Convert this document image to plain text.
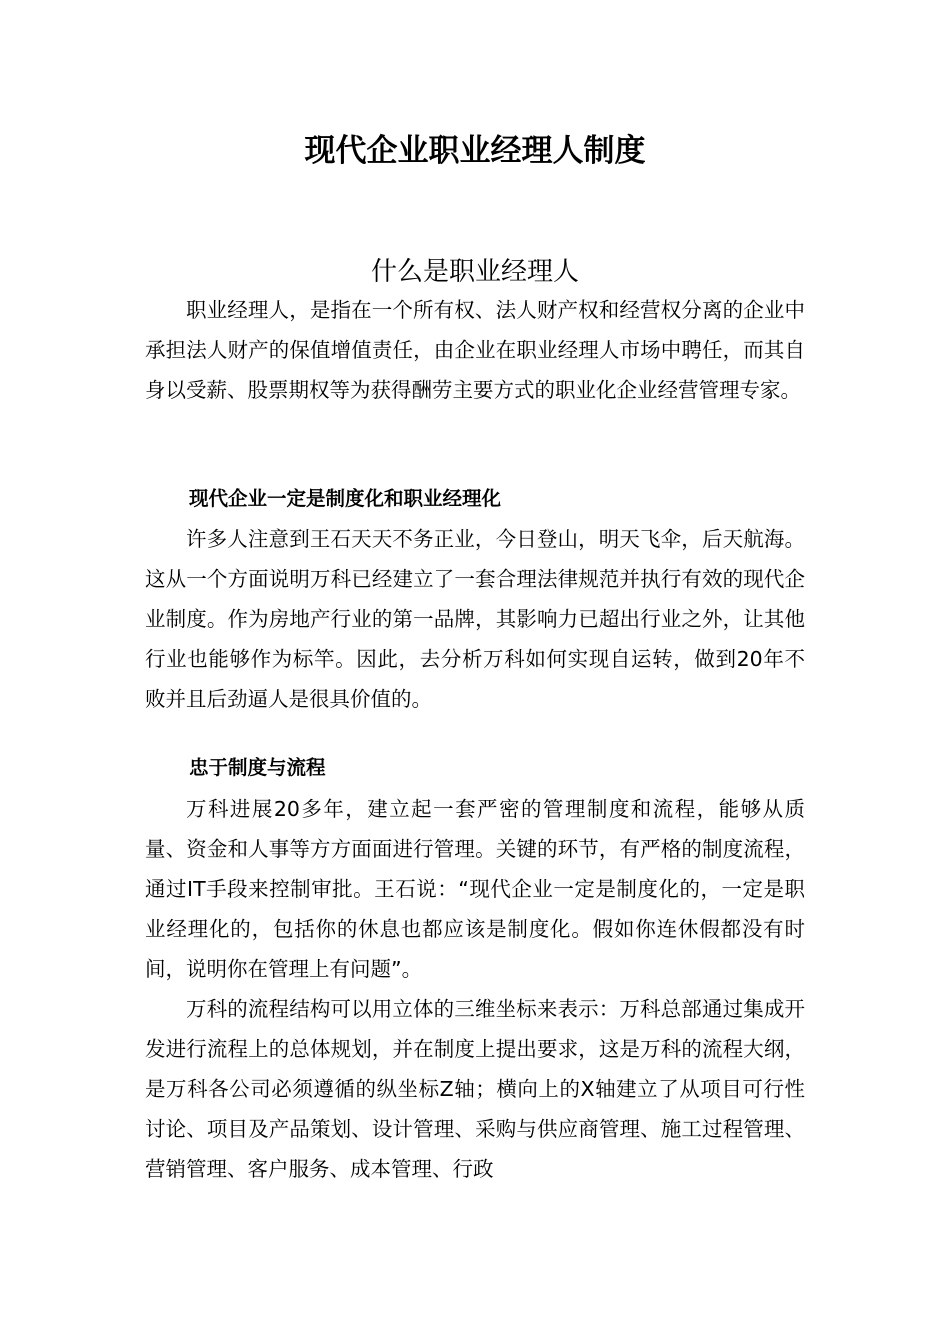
现代企业职业经理人制度
什么是职业经理人

职业经理人，是指在一个所有权、法人财产权和经营权分离的企业中承担法人财产的保值增值责任，由企业在职业经理人市场中聘任，而其自身以受薪、股票期权等为获得酬劳主要方式的职业化企业经营管理专家。

现代企业一定是制度化和职业经理化

许多人注意到王石天天不务正业，今日登山，明天飞伞，后天航海。这从一个方面说明万科已经建立了一套合理法律规范并执行有效的现代企业制度。作为房地产行业的第一品牌，其影响力已超出行业之外，让其他行业也能够作为标竿。因此，去分析万科如何实现自运转，做到20年不败并且后劲逼人是很具价值的。

忠于制度与流程

万科进展20多年，建立起一套严密的管理制度和流程，能够从质量、资金和人事等方方面面进行管理。关键的环节，有严格的制度流程，通过IT手段来控制审批。王石说：“现代企业一定是制度化的，一定是职业经理化的，包括你的休息也都应该是制度化。假如你连休假都没有时间，说明你在管理上有问题”。

万科的流程结构可以用立体的三维坐标来表示：万科总部通过集成开发进行流程上的总体规划，并在制度上提出要求，这是万科的流程大纲，是万科各公司必须遵循的纵坐标Z轴；横向上的X轴建立了从项目可行性讨论、项目及产品策划、设计管理、采购与供应商管理、施工过程管理、营销管理、客户服务、成本管理、行政
